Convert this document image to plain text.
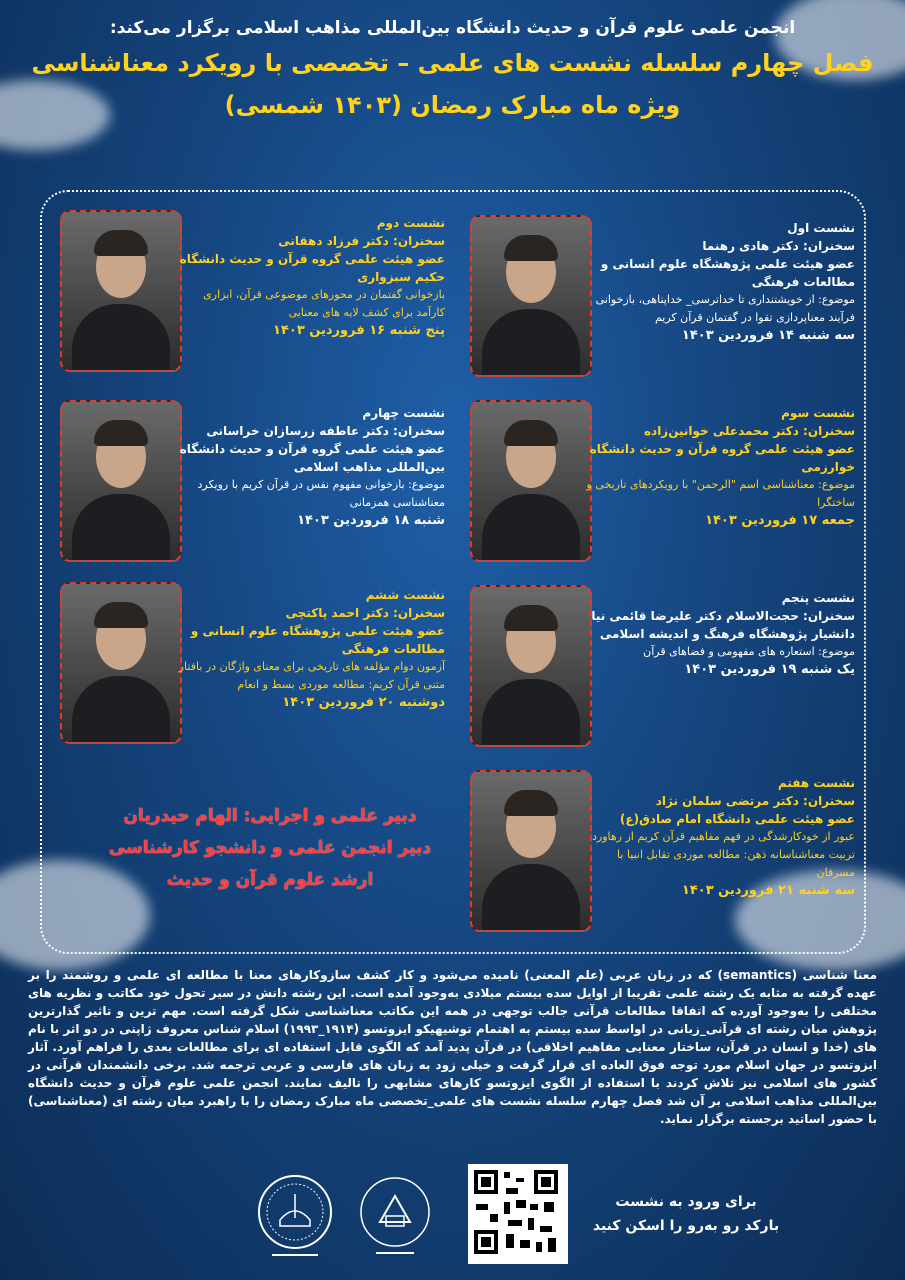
انجمن علمی علوم قرآن و حدیث دانشگاه بین‌المللی مذاهب اسلامی برگزار می‌کند:
فصل چهارم سلسله نشست های علمی – تخصصی با رویکرد معناشناسی
ویژه ماه مبارک رمضان (۱۴۰۳ شمسی)
نشست اول
سخنران: دکتر هادی رهنما
عضو هیئت علمی پژوهشگاه علوم انسانی و مطالعات فرهنگی
موضوع: از خویشتنداری تا خداترسی_ خداپناهی، بازخوانی فرآیند معناپردازی تقوا در گفتمان قرآن کریم
سه شنبه ۱۴ فروردین ۱۴۰۳
نشست دوم
سخنران: دکتر فرزاد دهقانی
عضو هیئت علمی گروه قرآن و حدیث دانشگاه حکیم سبزواری
بازخوانی گفتمان در محورهای موضوعی قرآن، ابزاری کارآمد برای کشف لایه های معنایی
پنج شنبه ۱۶ فروردین ۱۴۰۳
نشست سوم
سخنران: دکتر محمدعلی خوانین‌زاده
عضو هیئت علمی گروه قرآن و حدیث دانشگاه خوارزمی
موضوع: معناشناسی اسم "الرحمن" با رویکردهای تاریخی و ساختگرا
جمعه ۱۷ فروردین ۱۴۰۳
نشست چهارم
سخنران: دکتر عاطفه زرسازان خراسانی
عضو هیئت علمی گروه قرآن و حدیث دانشگاه بین‌المللی مذاهب اسلامی
موضوع: بازخوانی مفهوم نفس در قرآن کریم با رویکرد معناشناسی همزمانی
شنبه ۱۸ فروردین ۱۴۰۳
نشست پنجم
سخنران: حجت‌الاسلام دکتر علیرضا قائمی نیا
دانشیار پژوهشگاه فرهنگ و اندیشه اسلامی
موضوع: استعاره های مفهومی و فضاهای قرآن
یک شنبه ۱۹ فروردین ۱۴۰۳
نشست ششم
سخنران: دکتر احمد پاکتچی
عضو هیئت علمی پژوهشگاه علوم انسانی و مطالعات فرهنگی
آزمون دوام مؤلفه های تاریخی برای معنای واژگان در بافتار متنی قرآن کریم: مطالعه موردی بسط و انعام
دوشنبه ۲۰ فروردین ۱۴۰۳
نشست هفتم
سخنران: دکتر مرتضی سلمان نژاد
عضو هیئت علمی دانشگاه امام صادق(ع)
عبور از خودکارشدگی در فهم مفاهیم قرآن کریم از رهاورد تربیت معناشناسانه ذهن: مطالعه موردی تقابل انبیا با مسرفان
سه شنبه ۲۱ فروردین ۱۴۰۳
دبیر علمی و اجرایی: الهام حیدریان
دبیر انجمن علمی و دانشجو کارشناسی
ارشد علوم قرآن و حدیث
معنا شناسی (semantics) که در زبان عربی (علم المعنی) نامیده می‌شود و کار کشف سازوکارهای معنا با مطالعه ای علمی و روشمند را بر عهده گرفته به مثابه یک رشته علمی تقریبا از اوایل سده بیستم میلادی به‌وجود آمده است. این رشته دانش در سیر تحول خود مکاتب و نظریه های مختلفی را به‌وجود آورده که اتفاقا مطالعات قرآنی جالب توجهی در همه این مکاتب معناشناسی شکل گرفته است. مهم ترین و تاثیر گذارترین پژوهش میان رشته ای قرآنی_زبانی در اواسط سده بیستم به اهتمام توشیهیکو ایزوتسو (۱۹۱۴_۱۹۹۳) اسلام شناس معروف ژاپنی در دو اثر با نام های (خدا و انسان در قرآن، ساختار معنایی مفاهیم اخلاقی) در قرآن پدید آمد که الگوی قابل استفاده ای برای مطالعات بعدی را فراهم آورد. آثار ایزوتسو در جهان اسلام مورد توجه فوق العاده ای قرار گرفت و خیلی زود به زبان های فارسی و عربی ترجمه شد. برخی دانشمندان قرآنی در کشور های اسلامی نیز تلاش کردند با استفاده از الگوی ایزوتسو کارهای مشابهی را تالیف نمایند. انجمن علمی علوم قرآن و حدیث دانشگاه بین‌المللی مذاهب اسلامی بر آن شد فصل چهارم سلسله نشست های علمی_تخصصی ماه مبارک رمضان را با راهبرد میان رشته ای (معناشناسی) با حضور اساتید برجسته برگزار نماید.
برای ورود به نشست
بارکد رو به‌رو را اسکن کنید
